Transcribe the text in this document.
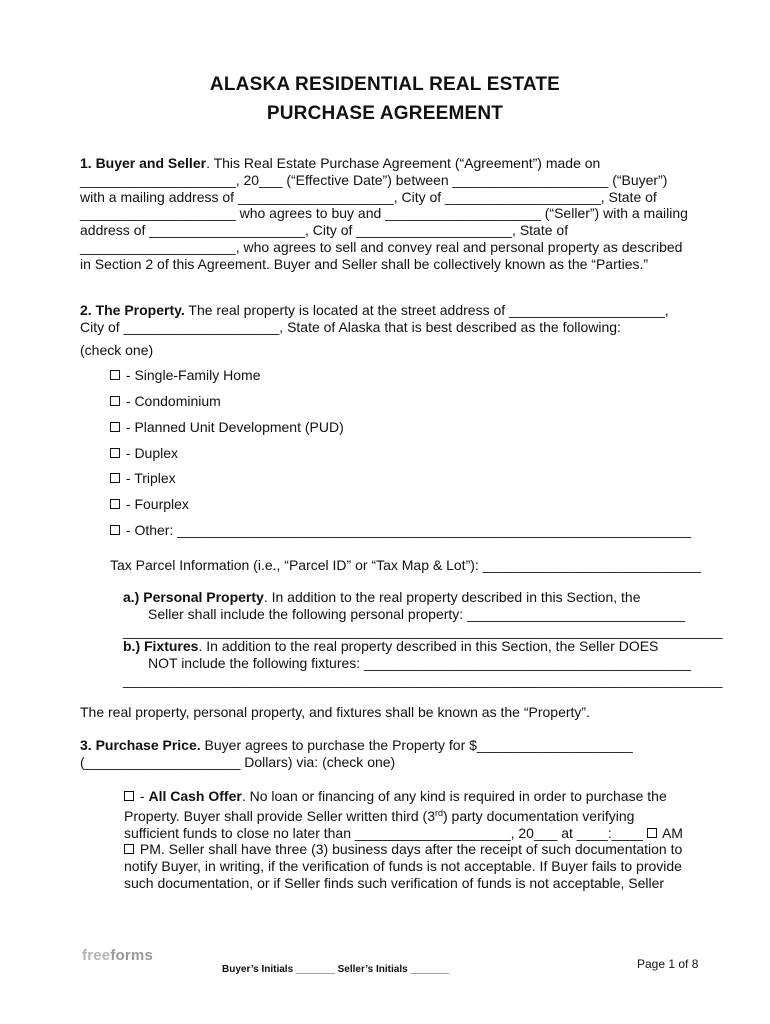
ALASKA RESIDENTIAL REAL ESTATE
PURCHASE AGREEMENT
1. Buyer and Seller. This Real Estate Purchase Agreement (“Agreement”) made on
____________________, 20___ (“Effective Date”) between ____________________ (“Buyer”)
with a mailing address of ____________________, City of ____________________, State of
____________________ who agrees to buy and ____________________ (“Seller”) with a mailing
address of ____________________, City of ____________________, State of
____________________, who agrees to sell and convey real and personal property as described
in Section 2 of this Agreement. Buyer and Seller shall be collectively known as the “Parties.”
2. The Property. The real property is located at the street address of ____________________,
City of ____________________, State of Alaska that is best described as the following:
(check one)
- Single-Family Home
- Condominium
- Planned Unit Development (PUD)
- Duplex
- Triplex
- Fourplex
- Other: __________________________________________________________________
Tax Parcel Information (i.e., “Parcel ID” or “Tax Map & Lot”): ____________________________
a.) Personal Property. In addition to the real property described in this Section, the
Seller shall include the following personal property: ____________________________
_____________________________________________________________________________
b.) Fixtures. In addition to the real property described in this Section, the Seller DOES
NOT include the following fixtures: __________________________________________
_____________________________________________________________________________
The real property, personal property, and fixtures shall be known as the “Property”.
3. Purchase Price. Buyer agrees to purchase the Property for $____________________
(____________________ Dollars) via: (check one)
- All Cash Offer. No loan or financing of any kind is required in order to purchase the
Property. Buyer shall provide Seller written third (3rd) party documentation verifying
sufficient funds to close no later than ____________________, 20___ at ____:____  AM
PM. Seller shall have three (3) business days after the receipt of such documentation to
notify Buyer, in writing, if the verification of funds is not acceptable. If Buyer fails to provide
such documentation, or if Seller finds such verification of funds is not acceptable, Seller
freeforms
Buyer’s Initials _______ Seller’s Initials _______	Page 1 of 8
